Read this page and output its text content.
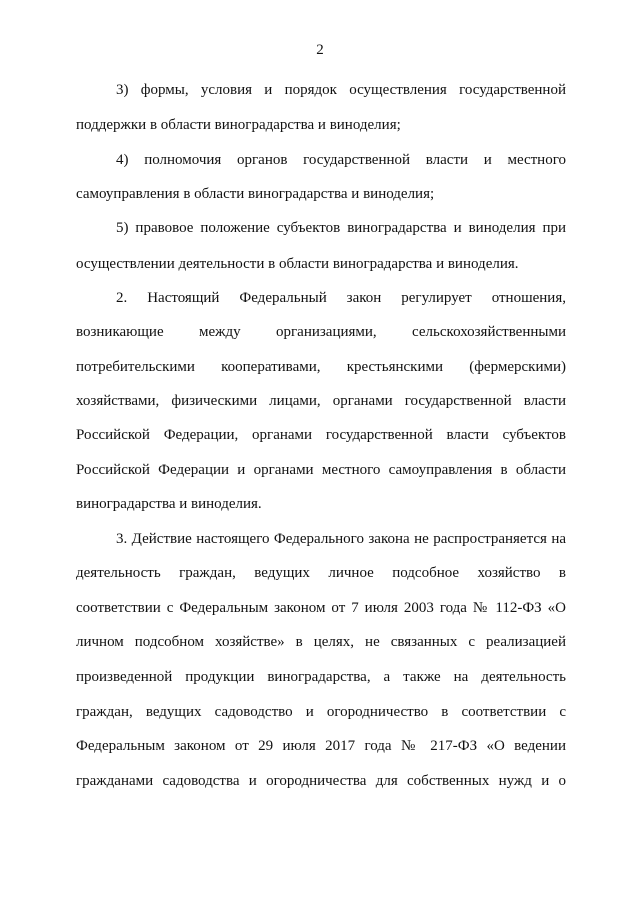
2
3) формы, условия и порядок осуществления государственной
поддержки в области виноградарства и виноделия;
4) полномочия органов государственной власти и местного
самоуправления в области виноградарства и виноделия;
5) правовое положение субъектов виноградарства и виноделия при
осуществлении деятельности в области виноградарства и виноделия.
2. Настоящий Федеральный закон регулирует отношения,
возникающие между организациями, сельскохозяйственными
потребительскими кооперативами, крестьянскими (фермерскими)
хозяйствами, физическими лицами, органами государственной власти
Российской Федерации, органами государственной власти субъектов
Российской Федерации и органами местного самоуправления в области
виноградарства и виноделия.
3. Действие настоящего Федерального закона не распространяется на
деятельность граждан, ведущих личное подсобное хозяйство в
соответствии с Федеральным законом от 7 июля 2003 года № 112-ФЗ «О
личном подсобном хозяйстве» в целях, не связанных с реализацией
произведенной продукции виноградарства, а также на деятельность
граждан, ведущих садоводство и огородничество в соответствии с
Федеральным законом от 29 июля 2017 года № 217-ФЗ «О ведении
гражданами садоводства и огородничества для собственных нужд и о
